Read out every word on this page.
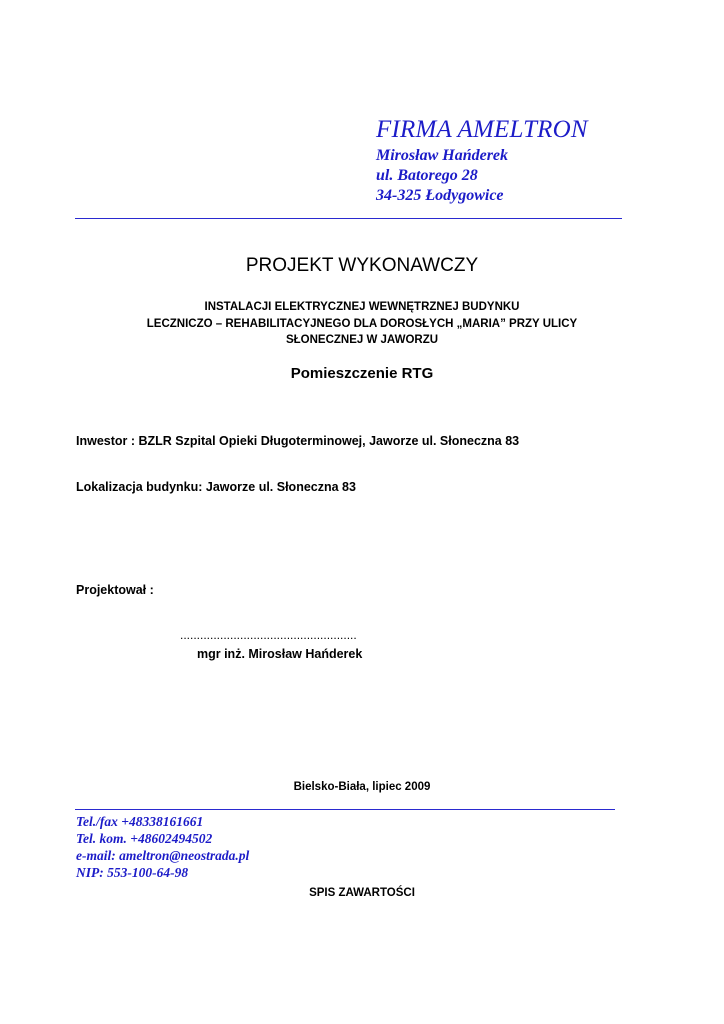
FIRMA AMELTRON
Mirosław Hańderek
ul. Batorego 28
34-325 Łodygowice
PROJEKT WYKONAWCZY
INSTALACJI ELEKTRYCZNEJ WEWNĘTRZNEJ BUDYNKU
LECZNICZO – REHABILITACYJNEGO DLA DOROSŁYCH „MARIA” PRZY ULICY
SŁONECZNEJ W JAWORZU
Pomieszczenie RTG
Inwestor : BZLR Szpital Opieki Długoterminowej, Jaworze ul. Słoneczna 83
Lokalizacja budynku: Jaworze ul. Słoneczna 83
Projektował :
.....................................................
mgr inż. Mirosław Hańderek
Bielsko-Biała, lipiec 2009
Tel./fax +48338161661
Tel. kom. +48602494502
e-mail: ameltron@neostrada.pl
NIP: 553-100-64-98
SPIS ZAWARTOŚCI
